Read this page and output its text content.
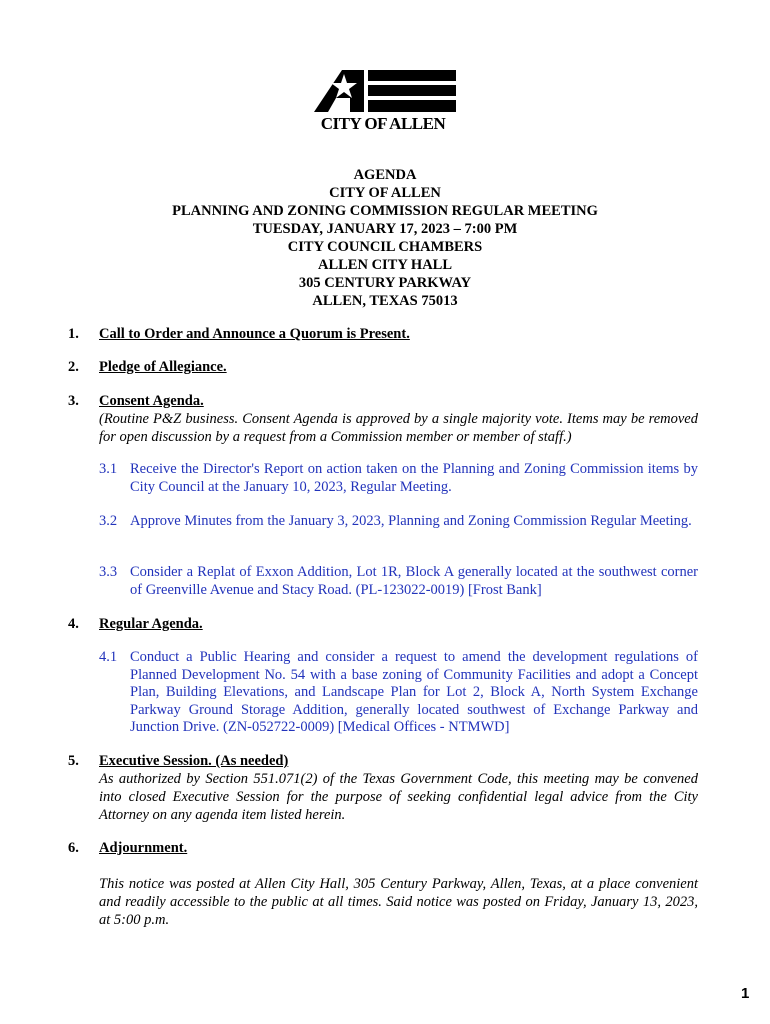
CITY OF ALLEN
AGENDA
CITY OF ALLEN
PLANNING AND ZONING COMMISSION REGULAR MEETING
TUESDAY, JANUARY 17, 2023 – 7:00 PM
CITY COUNCIL CHAMBERS
ALLEN CITY HALL
305 CENTURY PARKWAY
ALLEN, TEXAS 75013
1. Call to Order and Announce a Quorum is Present.
2. Pledge of Allegiance.
3. Consent Agenda.
(Routine P&Z business. Consent Agenda is approved by a single majority vote. Items may be removed for open discussion by a request from a Commission member or member of staff.)
3.1 Receive the Director's Report on action taken on the Planning and Zoning Commission items by City Council at the January 10, 2023, Regular Meeting.
3.2 Approve Minutes from the January 3, 2023, Planning and Zoning Commission Regular Meeting.
3.3 Consider a Replat of Exxon Addition, Lot 1R, Block A generally located at the southwest corner of Greenville Avenue and Stacy Road. (PL-123022-0019) [Frost Bank]
4. Regular Agenda.
4.1 Conduct a Public Hearing and consider a request to amend the development regulations of Planned Development No. 54 with a base zoning of Community Facilities and adopt a Concept Plan, Building Elevations, and Landscape Plan for Lot 2, Block A, North System Exchange Parkway Ground Storage Addition, generally located southwest of Exchange Parkway and Junction Drive. (ZN-052722-0009) [Medical Offices - NTMWD]
5. Executive Session. (As needed)
As authorized by Section 551.071(2) of the Texas Government Code, this meeting may be convened into closed Executive Session for the purpose of seeking confidential legal advice from the City Attorney on any agenda item listed herein.
6. Adjournment.
This notice was posted at Allen City Hall, 305 Century Parkway, Allen, Texas, at a place convenient and readily accessible to the public at all times. Said notice was posted on Friday, January 13, 2023, at 5:00 p.m.
1
